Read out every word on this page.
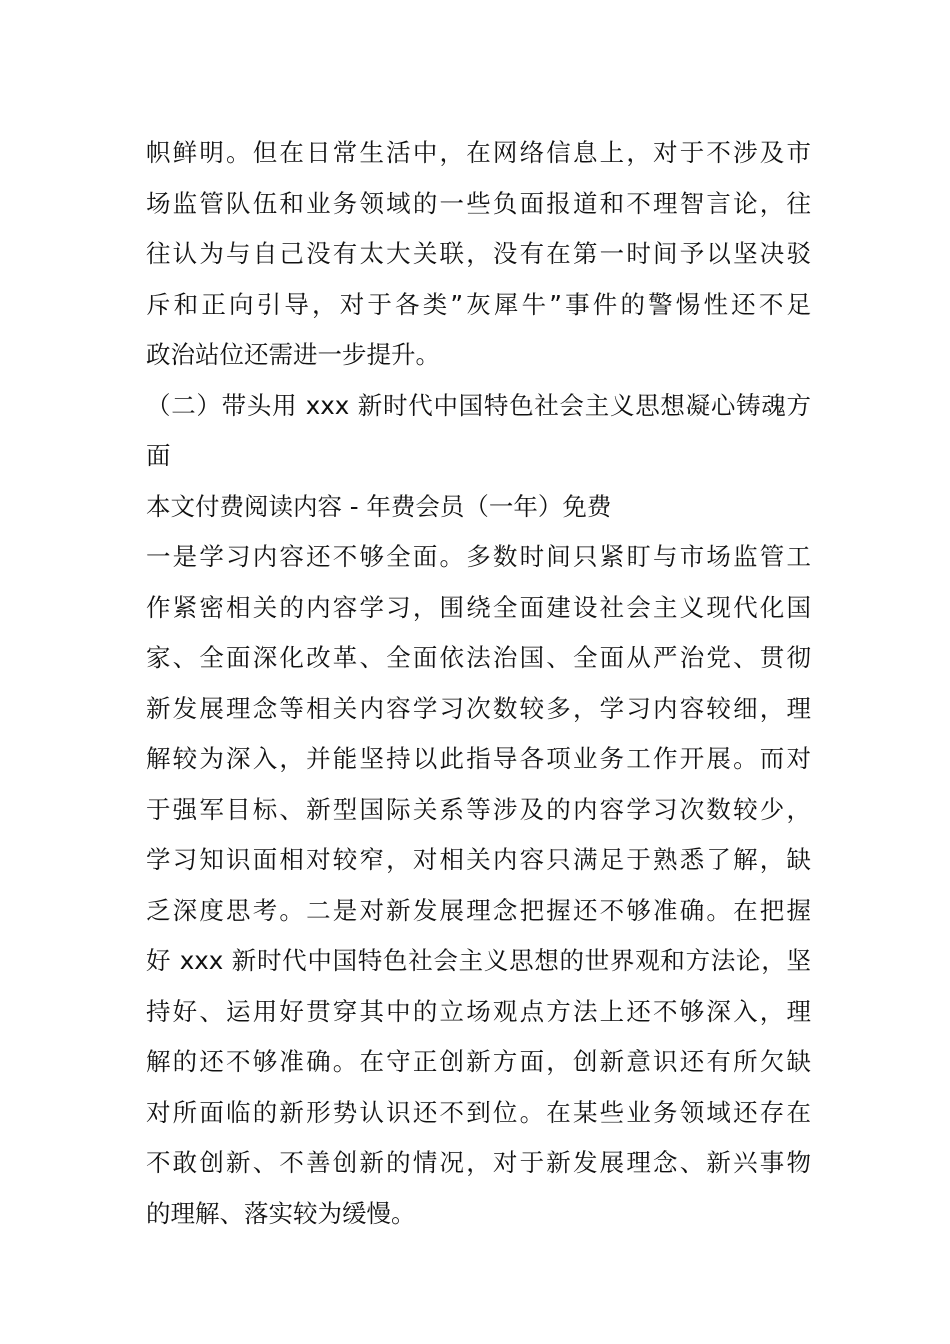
帜鲜明。但在日常生活中，在网络信息上，对于不涉及市
场监管队伍和业务领域的一些负面报道和不理智言论，往
往认为与自己没有太大关联，没有在第一时间予以坚决驳
斥和正向引导，对于各类”灰犀牛”事件的警惕性还不足
政治站位还需进一步提升。
（二）带头用 xxx 新时代中国特色社会主义思想凝心铸魂方
面
本文付费阅读内容 - 年费会员（一年）免费
一是学习内容还不够全面。多数时间只紧盯与市场监管工
作紧密相关的内容学习，围绕全面建设社会主义现代化国
家、全面深化改革、全面依法治国、全面从严治党、贯彻
新发展理念等相关内容学习次数较多，学习内容较细，理
解较为深入，并能坚持以此指导各项业务工作开展。而对
于强军目标、新型国际关系等涉及的内容学习次数较少，
学习知识面相对较窄，对相关内容只满足于熟悉了解，缺
乏深度思考。二是对新发展理念把握还不够准确。在把握
好 xxx 新时代中国特色社会主义思想的世界观和方法论，坚
持好、运用好贯穿其中的立场观点方法上还不够深入，理
解的还不够准确。在守正创新方面，创新意识还有所欠缺
对所面临的新形势认识还不到位。在某些业务领域还存在
不敢创新、不善创新的情况，对于新发展理念、新兴事物
的理解、落实较为缓慢。
